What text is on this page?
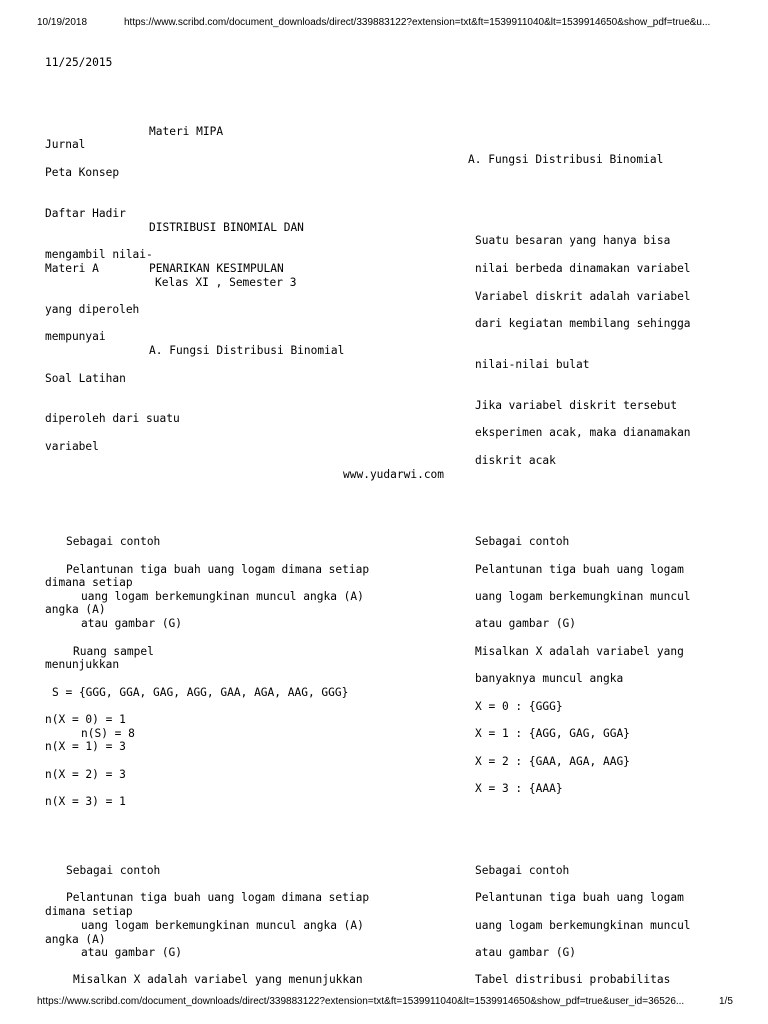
10/19/2018	https://www.scribd.com/document_downloads/direct/339883122?extension=txt&ft=1539911040&lt=1539914650&show_pdf=true&u...
11/25/2015
Materi MIPA
Jurnal
A. Fungsi Distribusi Binomial
Peta Konsep
Daftar Hadir
DISTRIBUSI BINOMIAL DAN
Suatu besaran yang hanya bisa
mengambil nilai-
Materi A	PENARIKAN KESIMPULAN	nilai berbeda dinamakan variabel
Kelas XI , Semester 3
Variabel diskrit adalah variabel
yang diperoleh
dari kegiatan membilang sehingga
mempunyai
A. Fungsi Distribusi Binomial
nilai-nilai bulat
Soal Latihan
Jika variabel diskrit tersebut
diperoleh dari suatu
eksperimen acak, maka dianamakan
variabel
diskrit acak
www.yudarwi.com
Sebagai contoh	Sebagai contoh
Pelantunan tiga buah uang logam dimana setiap	Pelantunan tiga buah uang logam
dimana setiap
uang logam berkemungkinan muncul angka (A)	uang logam berkemungkinan muncul
angka (A)
atau gambar (G)	atau gambar (G)
Ruang sampel	Misalkan X adalah variabel yang
menunjukkan
banyaknya muncul angka
S = {GGG, GGA, GAG, AGG, GAA, AGA, AAG, GGG}
X = 0 : {GGG}
n(X = 0) = 1
n(S) = 8	X = 1 : {AGG, GAG, GGA}
n(X = 1) = 3
X = 2 : {GAA, AGA, AAG}
n(X = 2) = 3
X = 3 : {AAA}
n(X = 3) = 1
Sebagai contoh	Sebagai contoh
Pelantunan tiga buah uang logam dimana setiap	Pelantunan tiga buah uang logam
dimana setiap
uang logam berkemungkinan muncul angka (A)	uang logam berkemungkinan muncul
angka (A)
atau gambar (G)	atau gambar (G)
Misalkan X adalah variabel yang menunjukkan	Tabel distribusi probabilitas
https://www.scribd.com/document_downloads/direct/339883122?extension=txt&ft=1539911040&lt=1539914650&show_pdf=true&user_id=36526...	1/5
